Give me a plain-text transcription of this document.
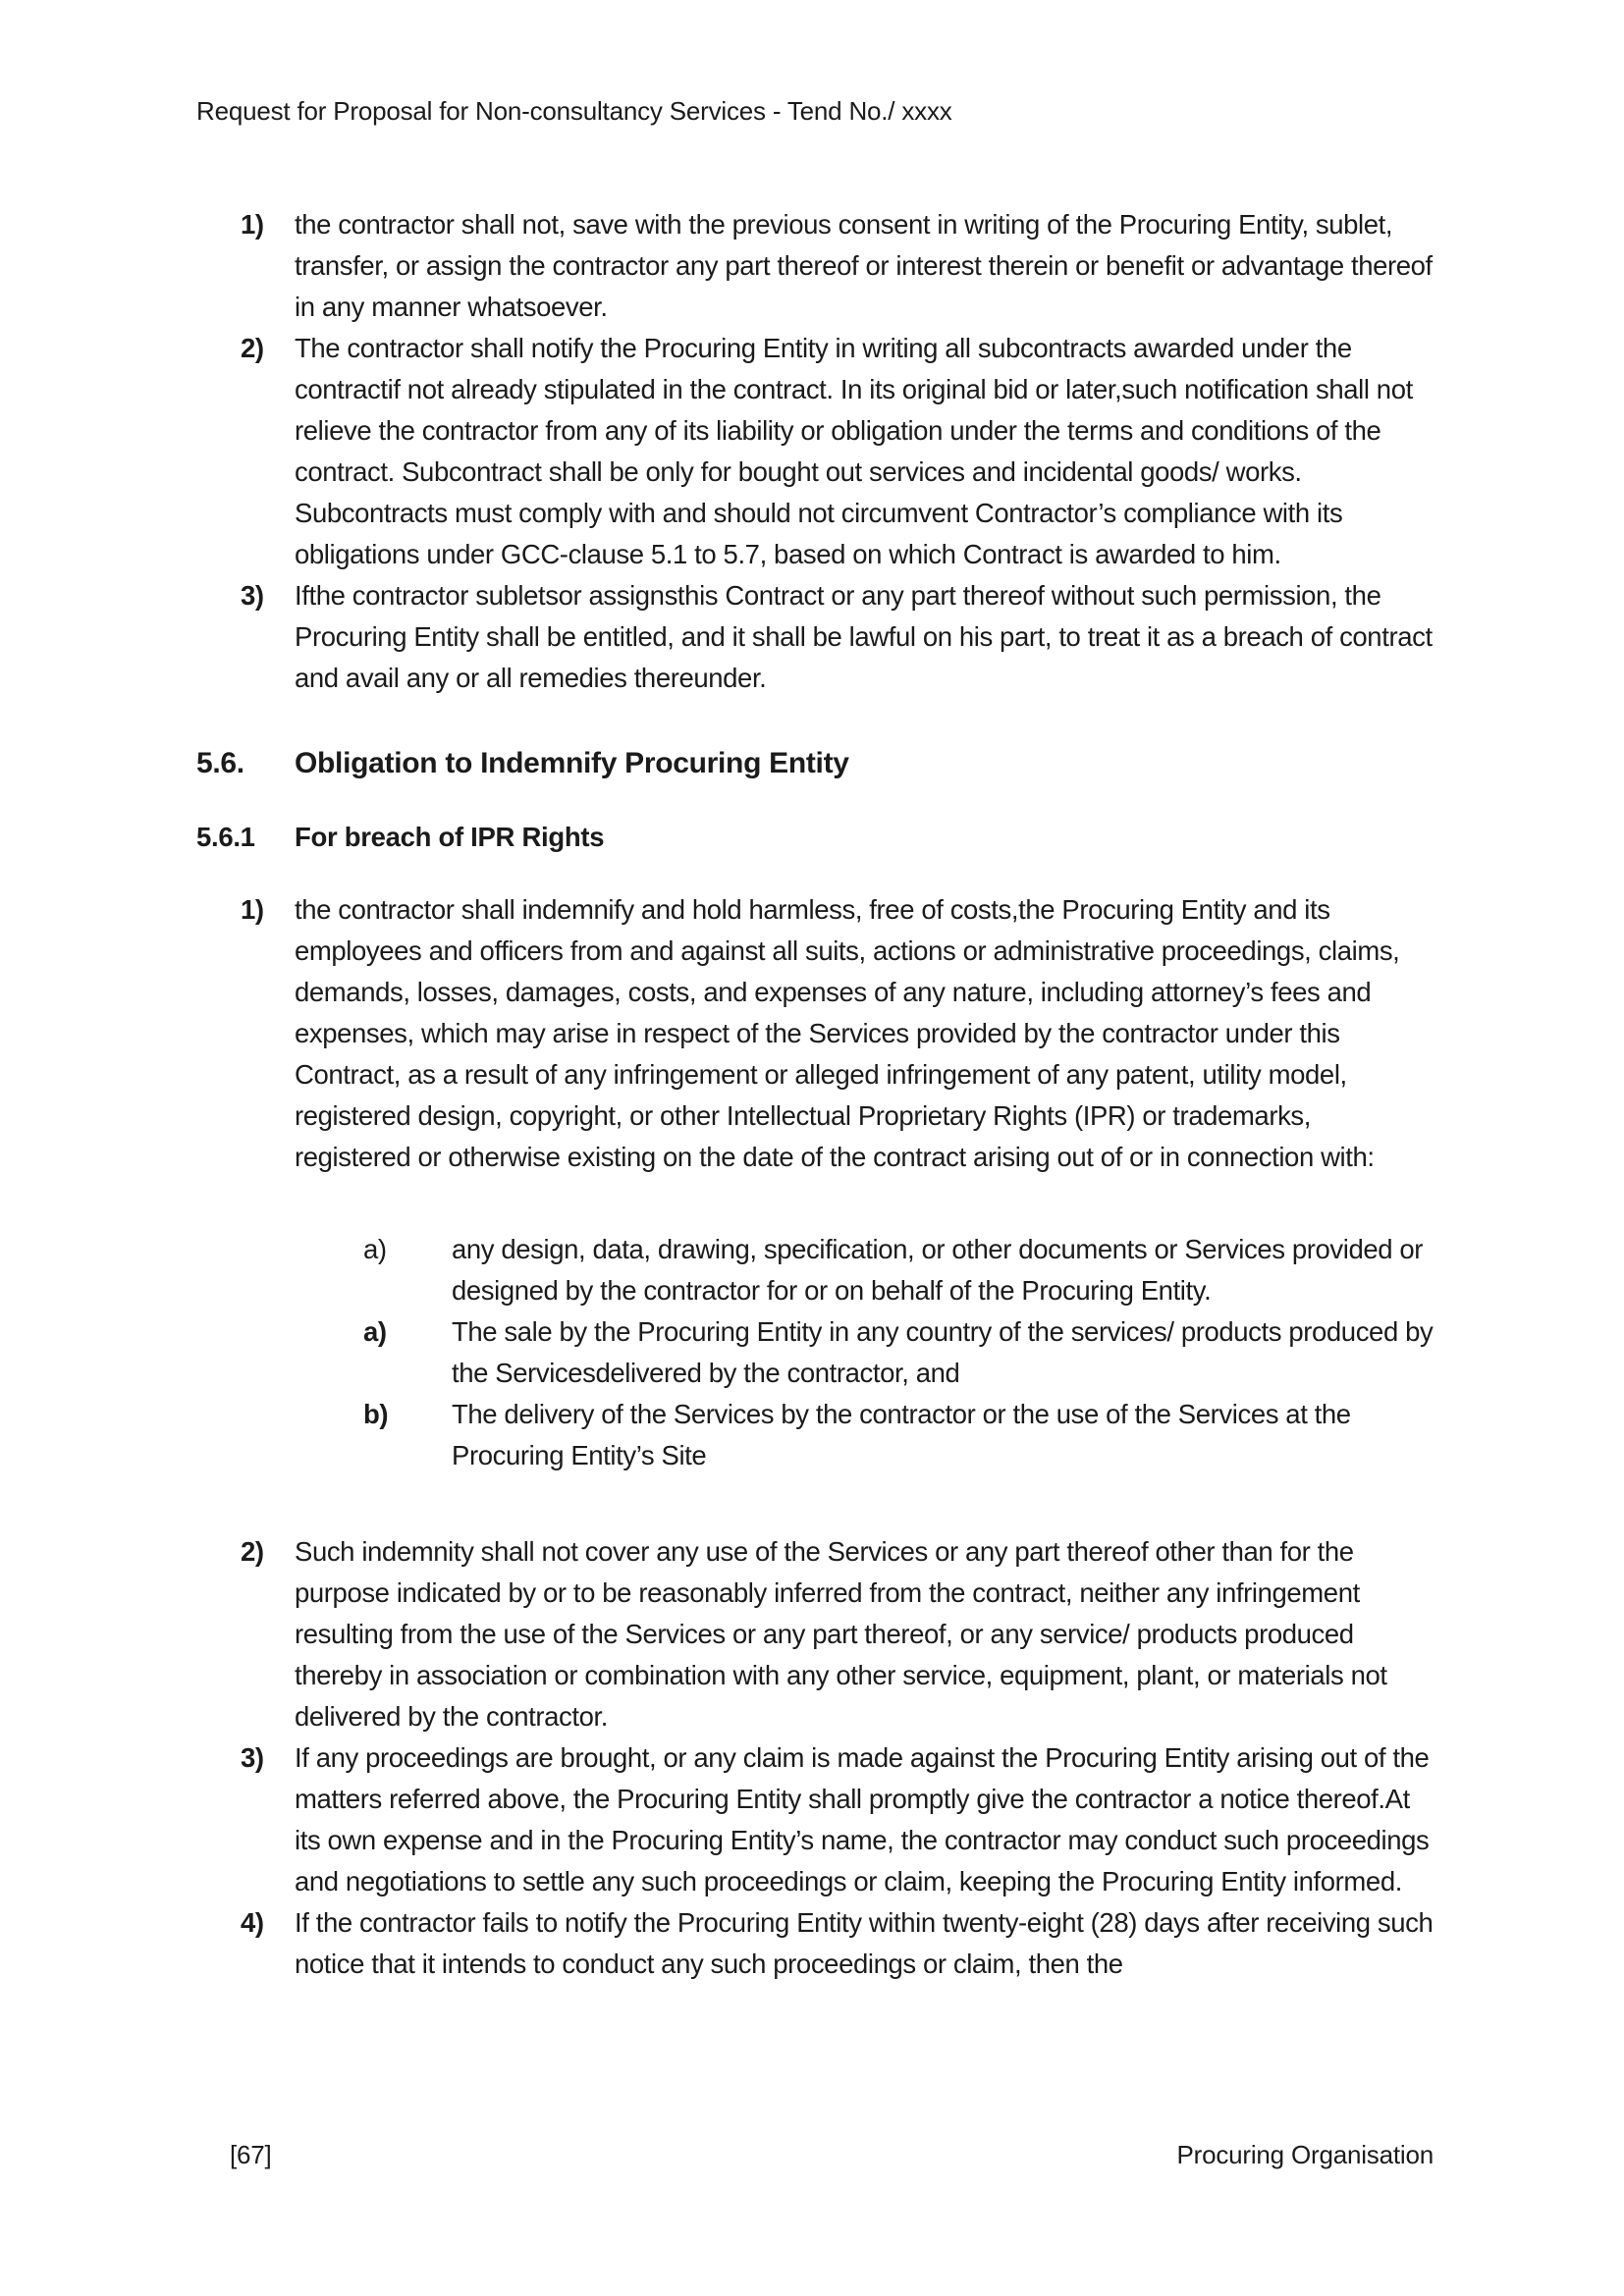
Request for Proposal for Non-consultancy Services - Tend No./ xxxx
1)	the contractor shall not, save with the previous consent in writing of the Procuring Entity, sublet, transfer, or assign the contractor any part thereof or interest therein or benefit or advantage thereof in any manner whatsoever.
2)	The contractor shall notify the Procuring Entity in writing all subcontracts awarded under the contractif not already stipulated in the contract. In its original bid or later,such notification shall not relieve the contractor from any of its liability or obligation under the terms and conditions of the contract. Subcontract shall be only for bought out services and incidental goods/ works. Subcontracts must comply with and should not circumvent Contractor’s compliance with its obligations under GCC-clause 5.1 to 5.7, based on which Contract is awarded to him.
3)	Ifthe contractor subletsor assignsthis Contract or any part thereof without such permission, the Procuring Entity shall be entitled, and it shall be lawful on his part, to treat it as a breach of contract and avail any or all remedies thereunder.
5.6.	Obligation to Indemnify Procuring Entity
5.6.1	For breach of IPR Rights
1)	the contractor shall indemnify and hold harmless, free of costs,the Procuring Entity and its employees and officers from and against all suits, actions or administrative proceedings, claims, demands, losses, damages, costs, and expenses of any nature, including attorney’s fees and expenses, which may arise in respect of the Services provided by the contractor under this Contract, as a result of any infringement or alleged infringement of any patent, utility model, registered design, copyright, or other Intellectual Proprietary Rights (IPR) or trademarks, registered or otherwise existing on the date of the contract arising out of or in connection with:
a)	any design, data, drawing, specification, or other documents or Services provided or designed by the contractor for or on behalf of the Procuring Entity.
a)	The sale by the Procuring Entity in any country of the services/ products produced by the Servicesdelivered by the contractor, and
b)	The delivery of the Services by the contractor or the use of the Services at the Procuring Entity’s Site
2)	Such indemnity shall not cover any use of the Services or any part thereof other than for the purpose indicated by or to be reasonably inferred from the contract, neither any infringement resulting from the use of the Services or any part thereof, or any service/ products produced thereby in association or combination with any other service, equipment, plant, or materials not delivered by the contractor.
3)	If any proceedings are brought, or any claim is made against the Procuring Entity arising out of the matters referred above, the Procuring Entity shall promptly give the contractor a notice thereof.At its own expense and in the Procuring Entity’s name, the contractor may conduct such proceedings and negotiations to settle any such proceedings or claim, keeping the Procuring Entity informed.
4)	If the contractor fails to notify the Procuring Entity within twenty-eight (28) days after receiving such notice that it intends to conduct any such proceedings or claim, then the
[67]	Procuring Organisation
